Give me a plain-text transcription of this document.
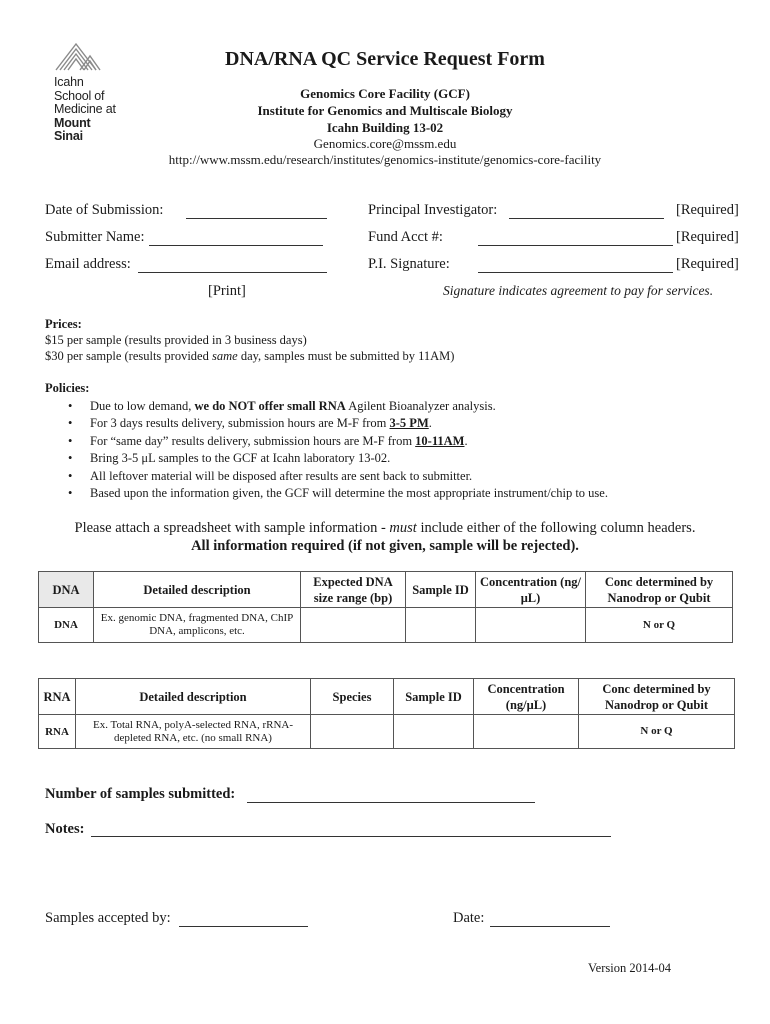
Icahn
School of
Medicine at
Mount
Sinai
DNA/RNA QC Service Request Form
Genomics Core Facility (GCF)
Institute for Genomics and Multiscale Biology
Icahn Building 13-02
Genomics.core@mssm.edu
http://www.mssm.edu/research/institutes/genomics-institute/genomics-core-facility
Date of Submission:	Principal Investigator:	[Required]
Submitter Name:	Fund Acct #:	[Required]
Email address:	P.I. Signature:	[Required]
[Print]	Signature indicates agreement to pay for services.
Prices:
$15 per sample (results provided in 3 business days)
$30 per sample (results provided same day, samples must be submitted by 11AM)
Policies:
• Due to low demand, we do NOT offer small RNA Agilent Bioanalyzer analysis.
• For 3 days results delivery, submission hours are M-F from 3-5 PM.
• For “same day” results delivery, submission hours are M-F from 10-11AM.
• Bring 3-5 μL samples to the GCF at Icahn laboratory 13-02.
• All leftover material will be disposed after results are sent back to submitter.
• Based upon the information given, the GCF will determine the most appropriate instrument/chip to use.
Please attach a spreadsheet with sample information - must include either of the following column headers.
All information required (if not given, sample will be rejected).
DNA	Detailed description	Expected DNA size range (bp)	Sample ID	Concentration (ng/μL)	Conc determined by Nanodrop or Qubit
DNA	Ex. genomic DNA, fragmented DNA, ChIP DNA, amplicons, etc.				N or Q
RNA	Detailed description	Species	Sample ID	Concentration (ng/μL)	Conc determined by Nanodrop or Qubit
RNA	Ex. Total RNA, polyA-selected RNA, rRNA-depleted RNA, etc. (no small RNA)				N or Q
Number of samples submitted:
Notes:
Samples accepted by:	Date:
Version 2014-04
